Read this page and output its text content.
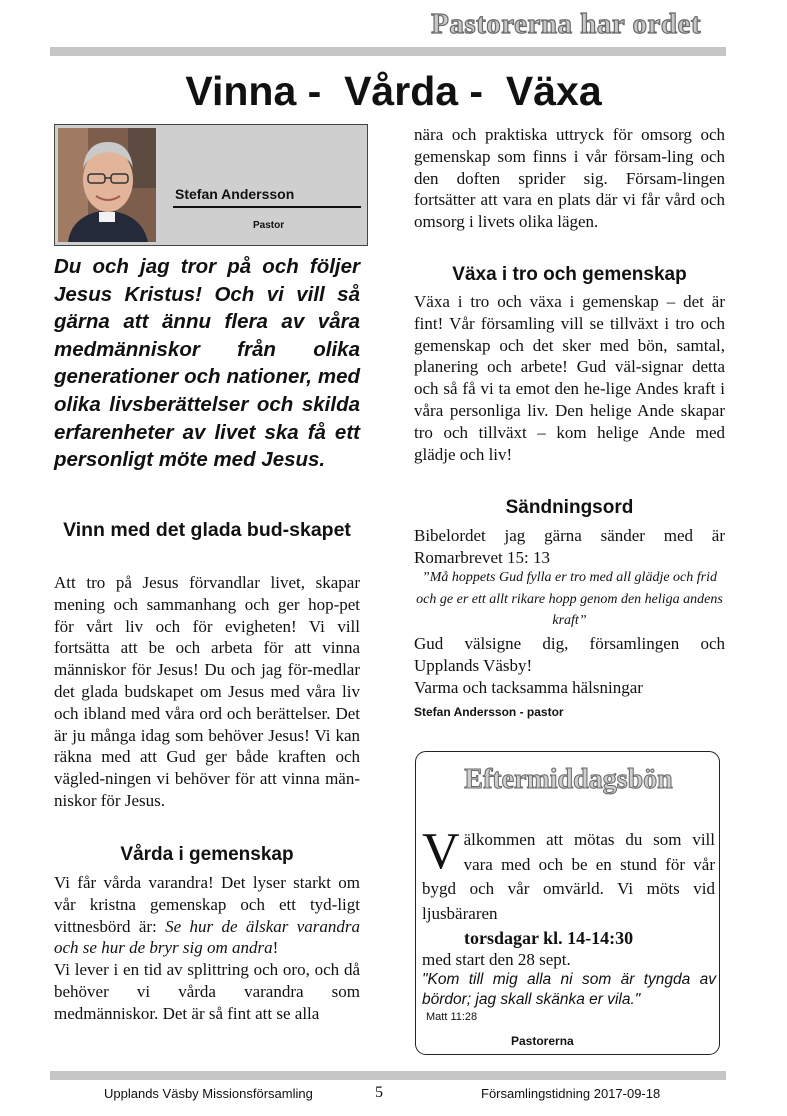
Pastorerna har ordet
Vinna -  Vårda -  Växa
Stefan Andersson
Pastor
Du och jag tror på och följer Jesus Kristus! Och vi vill så gärna att ännu flera av våra medmänniskor från olika generationer och nationer, med olika livsberättelser och skilda erfarenheter av livet ska få ett personligt möte med Jesus.
Vinn med det glada bud-skapet
Att tro på Jesus förvandlar livet, skapar mening och sammanhang och ger hop-pet för vårt liv och för evigheten! Vi vill fortsätta att be och arbeta för att vinna människor för Jesus! Du och jag för-medlar det glada budskapet om Jesus med våra liv och ibland med våra ord och berättelser. Det är ju många idag som behöver Jesus! Vi kan räkna med att Gud ger både kraften och vägled-ningen vi behöver för att vinna män-niskor för Jesus.
Vårda i gemenskap
Vi får vårda varandra! Det lyser starkt om vår kristna gemenskap och ett tyd-ligt vittnesbörd är: Se hur de älskar varandra och se hur de bryr sig om andra!
Vi lever i en tid av splittring och oro, och då behöver vi vårda varandra som medmänniskor. Det är så fint att se alla
nära och praktiska uttryck för omsorg och gemenskap som finns i vår försam-ling och den doften sprider sig. Försam-lingen fortsätter att vara en plats där vi får vård och omsorg i livets olika lägen.
Växa i tro och gemenskap
Växa i tro och växa i gemenskap – det är fint! Vår församling vill se tillväxt i tro och gemenskap och det sker med bön, samtal, planering och arbete! Gud väl-signar detta och så få vi ta emot den he-lige Andes kraft i våra personliga liv. Den helige Ande skapar tro och tillväxt – kom helige Ande med glädje och liv!
Sändningsord
Bibelordet jag gärna sänder med är Romarbrevet 15: 13
”Må hoppets Gud fylla er tro med all glädje och frid och ge er ett allt rikare hopp genom den heliga andens kraft”
Gud välsigne dig, församlingen och Upplands Väsby!
Varma och tacksamma hälsningar
Stefan Andersson - pastor
Eftermiddagsbön
Välkommen att mötas du som vill vara med och be en stund för vår bygd och vår omvärld. Vi möts vid ljusbäraren
torsdagar kl. 14-14:30
med start den 28 sept.
"Kom till mig alla ni som är tyngda av bördor; jag skall skänka er vila."
Matt 11:28
Pastorerna
Upplands Väsby Missionsförsamling	5	Församlingstidning 2017-09-18
